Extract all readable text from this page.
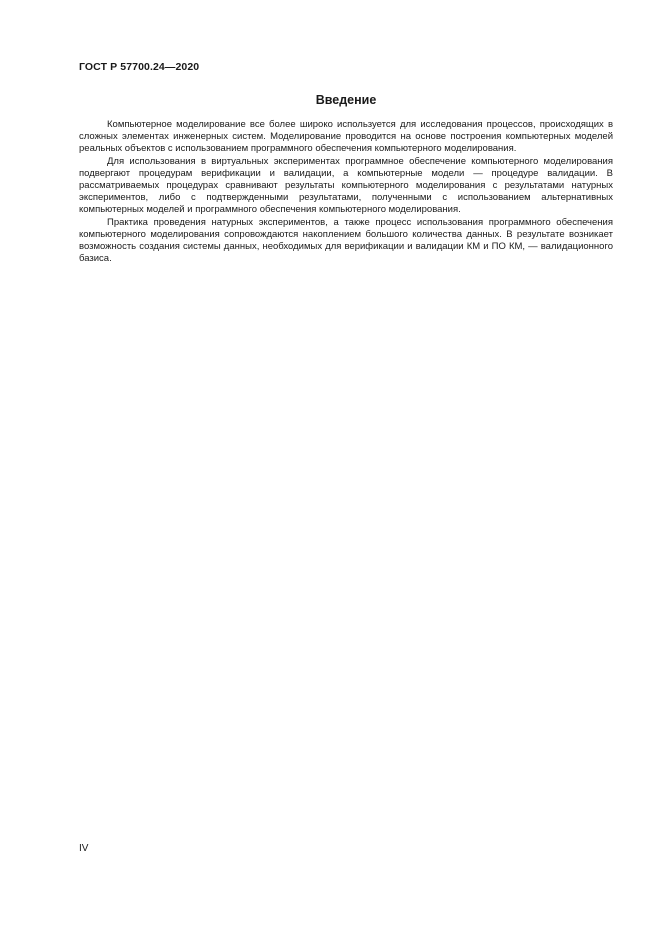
ГОСТ Р 57700.24—2020
Введение

Компьютерное моделирование все более широко используется для исследования процессов, происходящих в сложных элементах инженерных систем. Моделирование проводится на основе построения компьютерных моделей реальных объектов с использованием программного обеспечения компьютерного моделирования.

Для использования в виртуальных экспериментах программное обеспечение компьютерного моделирования подвергают процедурам верификации и валидации, а компьютерные модели — процедуре валидации. В рассматриваемых процедурах сравнивают результаты компьютерного моделирования с результатами натурных экспериментов, либо с подтвержденными результатами, полученными с использованием альтернативных компьютерных моделей и программного обеспечения компьютерного моделирования.

Практика проведения натурных экспериментов, а также процесс использования программного обеспечения компьютерного моделирования сопровождаются накоплением большого количества данных. В результате возникает возможность создания системы данных, необходимых для верификации и валидации КМ и ПО КМ, — валидационного базиса.

IV
